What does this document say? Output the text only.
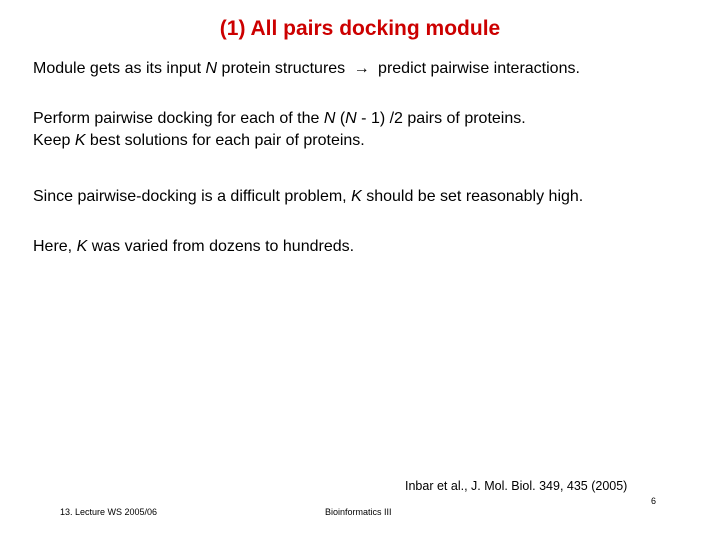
(1) All pairs docking module
Module gets as its input N protein structures → predict pairwise interactions.
Perform pairwise docking for each of the N (N - 1) /2 pairs of proteins.
Keep K best solutions for each pair of proteins.
Since pairwise-docking is a difficult problem, K should be set reasonably high.
Here, K was varied from dozens to hundreds.
Inbar et al., J. Mol. Biol. 349, 435 (2005)
6
13. Lecture WS 2005/06	Bioinformatics III
